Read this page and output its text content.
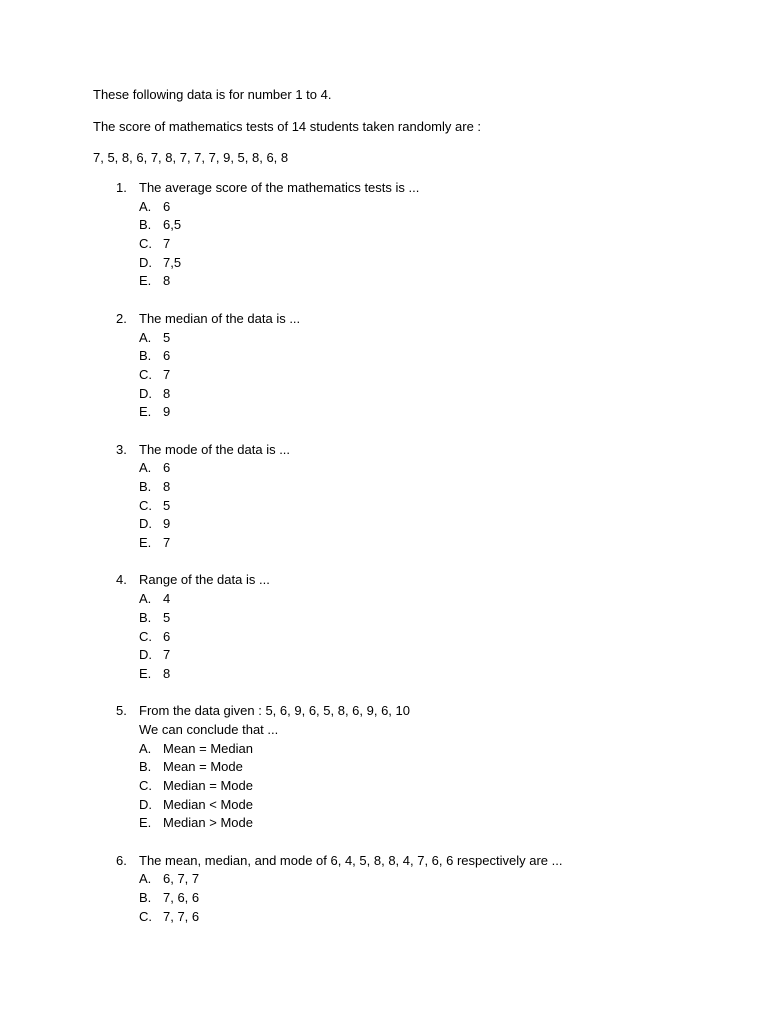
These following data is for number 1 to 4.

The score of mathematics tests of 14 students taken randomly are :

7, 5, 8, 6, 7, 8, 7, 7, 7, 9, 5, 8, 6, 8

1. The average score of the mathematics tests is ...
A. 6
B. 6,5
C. 7
D. 7,5
E. 8
2. The median of the data is ...
A. 5
B. 6
C. 7
D. 8
E. 9
3. The mode of the data is ...
A. 6
B. 8
C. 5
D. 9
E. 7
4. Range of the data is ...
A. 4
B. 5
C. 6
D. 7
E. 8
5. From the data given : 5, 6, 9, 6, 5, 8, 6, 9, 6, 10
We can conclude that ...
A. Mean = Median
B. Mean = Mode
C. Median = Mode
D. Median < Mode
E. Median > Mode
6. The mean, median, and mode of 6, 4, 5, 8, 8, 4, 7, 6, 6 respectively are ...
A. 6, 7, 7
B. 7, 6, 6
C. 7, 7, 6
